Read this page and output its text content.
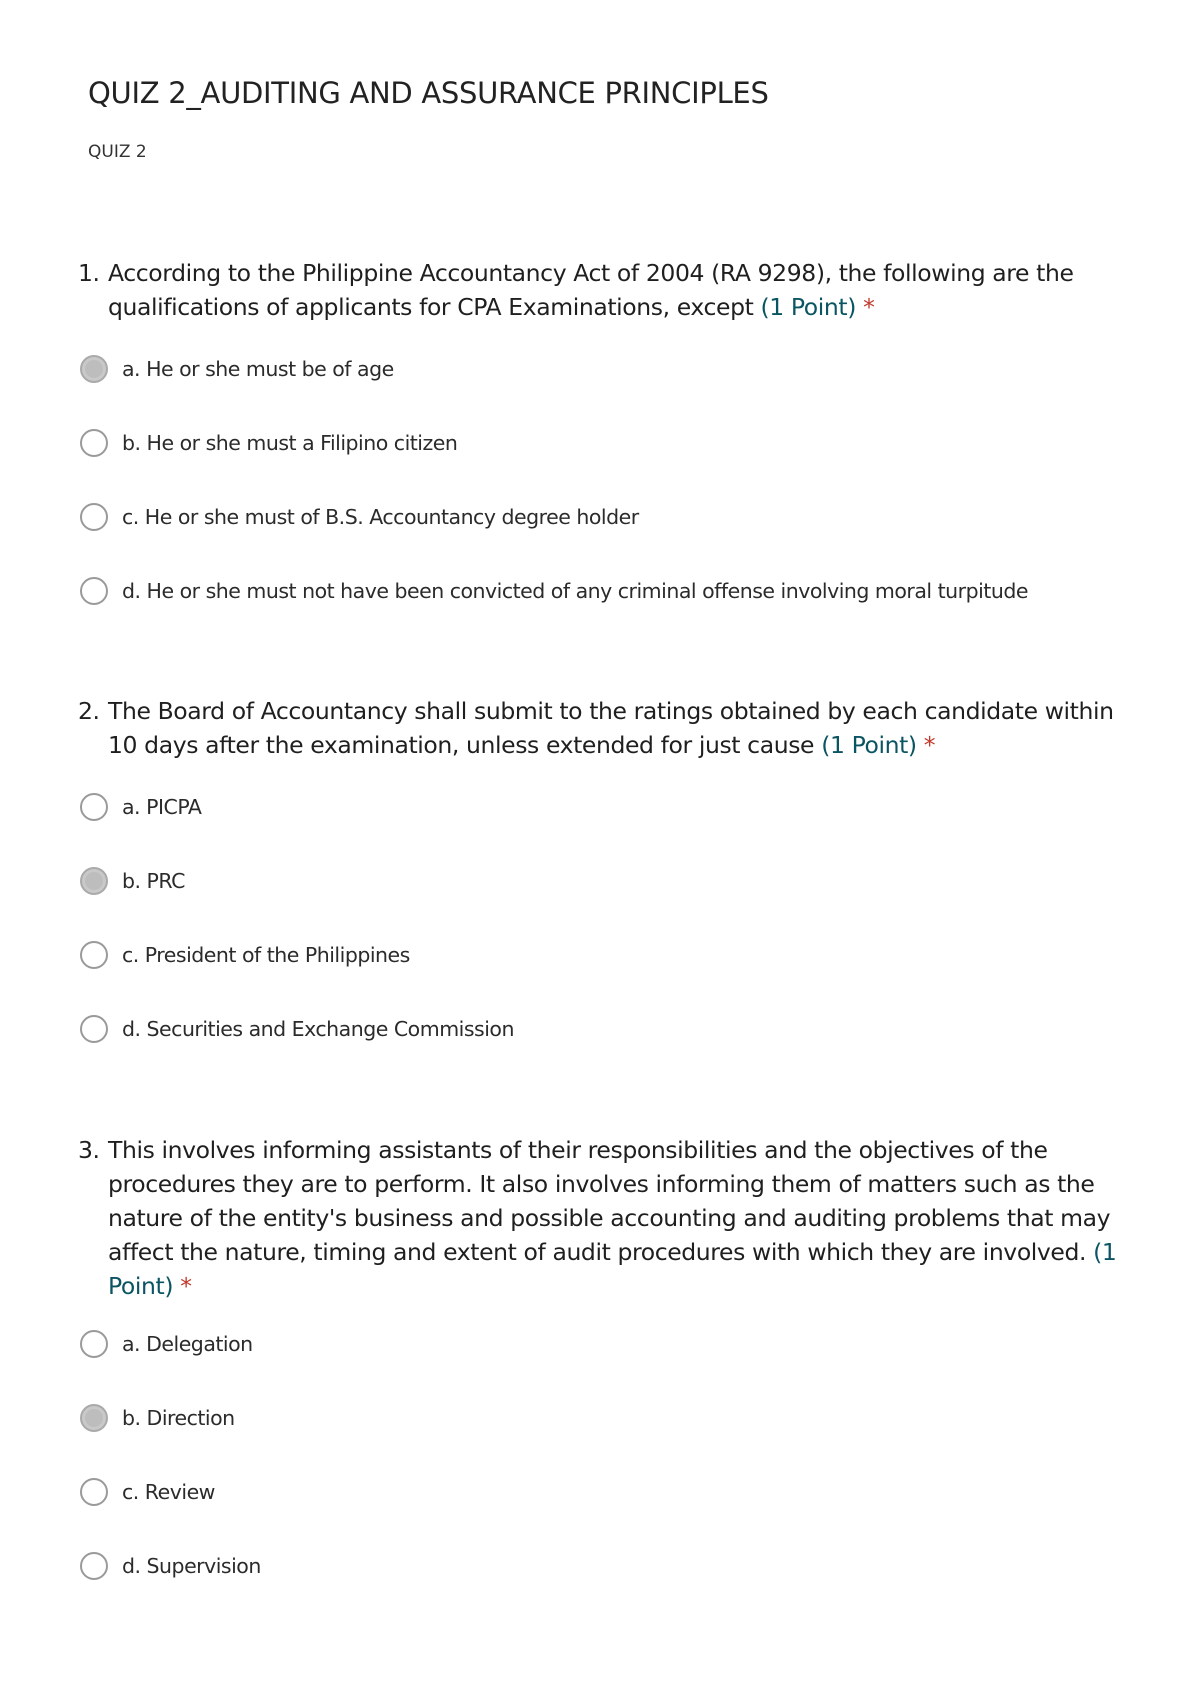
QUIZ 2_AUDITING AND ASSURANCE PRINCIPLES
QUIZ 2
1. According to the Philippine Accountancy Act of 2004 (RA 9298), the following are the qualifications of applicants for CPA Examinations, except (1 Point) *
a. He or she must be of age
b. He or she must a Filipino citizen
c. He or she must of B.S. Accountancy degree holder
d. He or she must not have been convicted of any criminal offense involving moral turpitude
2. The Board of Accountancy shall submit to the ratings obtained by each candidate within 10 days after the examination, unless extended for just cause (1 Point) *
a. PICPA
b. PRC
c. President of the Philippines
d. Securities and Exchange Commission
3. This involves informing assistants of their responsibilities and the objectives of the procedures they are to perform. It also involves informing them of matters such as the nature of the entity's business and possible accounting and auditing problems that may affect the nature, timing and extent of audit procedures with which they are involved. (1 Point) *
a. Delegation
b. Direction
c. Review
d. Supervision
